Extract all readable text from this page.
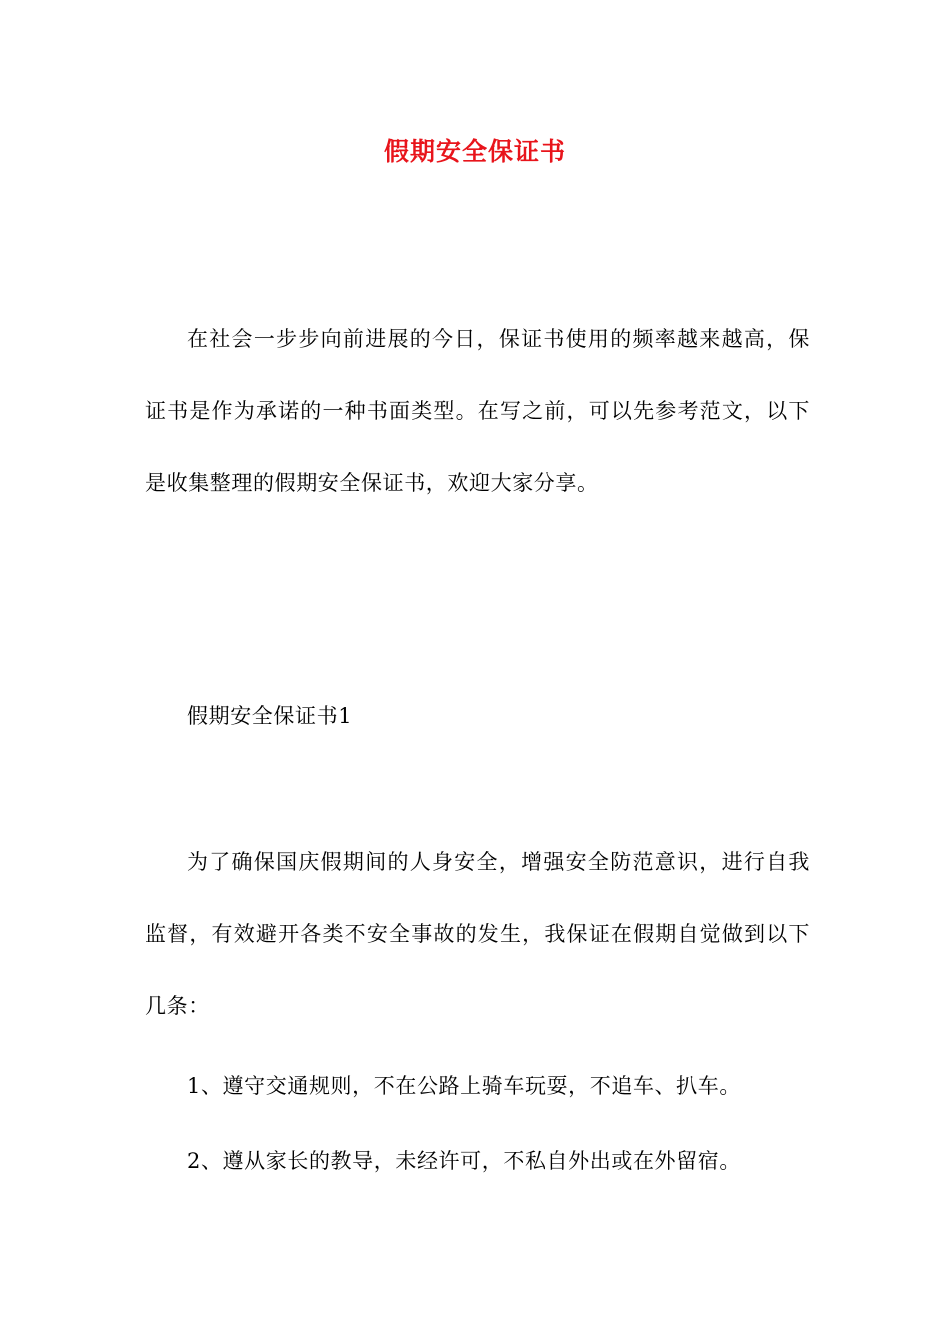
假期安全保证书

在社会一步步向前进展的今日，保证书使用的频率越来越高，保证书是作为承诺的一种书面类型。在写之前，可以先参考范文，以下是收集整理的假期安全保证书，欢迎大家分享。

假期安全保证书1

为了确保国庆假期间的人身安全，增强安全防范意识，进行自我监督，有效避开各类不安全事故的发生，我保证在假期自觉做到以下几条：

1、遵守交通规则，不在公路上骑车玩耍，不追车、扒车。

2、遵从家长的教导，未经许可，不私自外出或在外留宿。
